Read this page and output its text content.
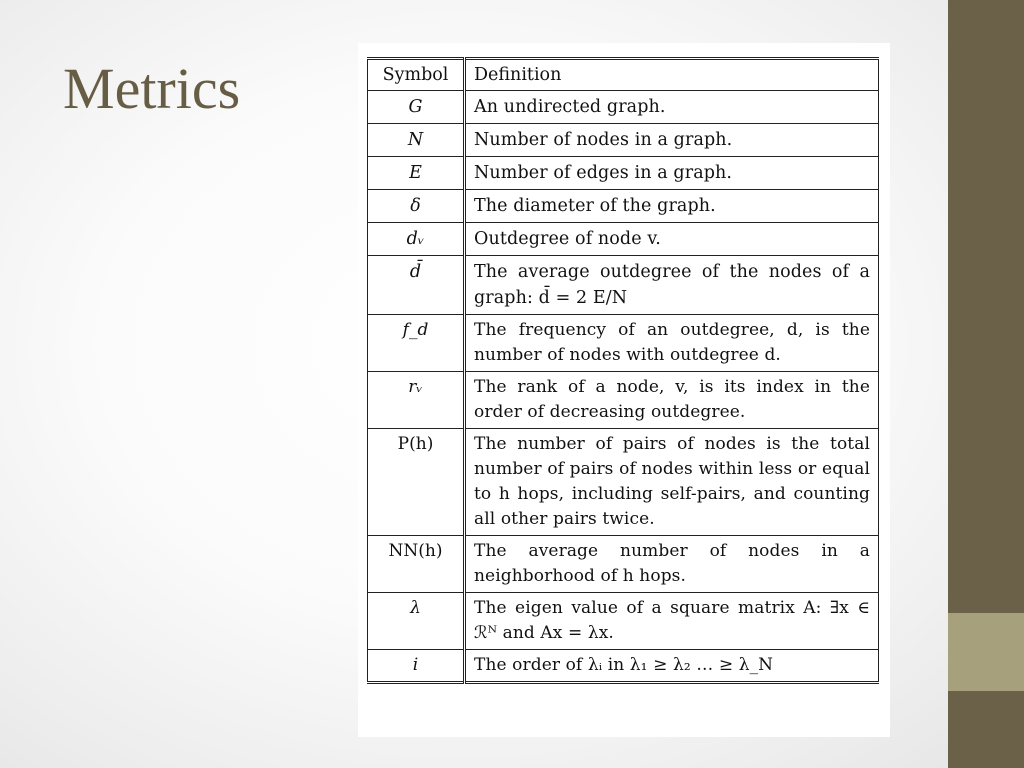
Metrics	Symbol	Definition
G	An undirected graph.
N	Number of nodes in a graph.
E	Number of edges in a graph.
δ	The diameter of the graph.
dᵥ	Outdegree of node v.
d̄	The average outdegree of the nodes of a graph: d̄ = 2 E/N
f_d	The frequency of an outdegree, d, is the number of nodes with outdegree d.
rᵥ	The rank of a node, v, is its index in the order of decreasing outdegree.
P(h)	The number of pairs of nodes is the total number of pairs of nodes within less or equal to h hops, including self-pairs, and counting all other pairs twice.
NN(h)	The average number of nodes in a neighborhood of h hops.
λ	The eigen value of a square matrix A: ∃x ∈ ℛᴺ and Ax = λx.
i	The order of λᵢ in λ₁ ≥ λ₂ … ≥ λ_N
